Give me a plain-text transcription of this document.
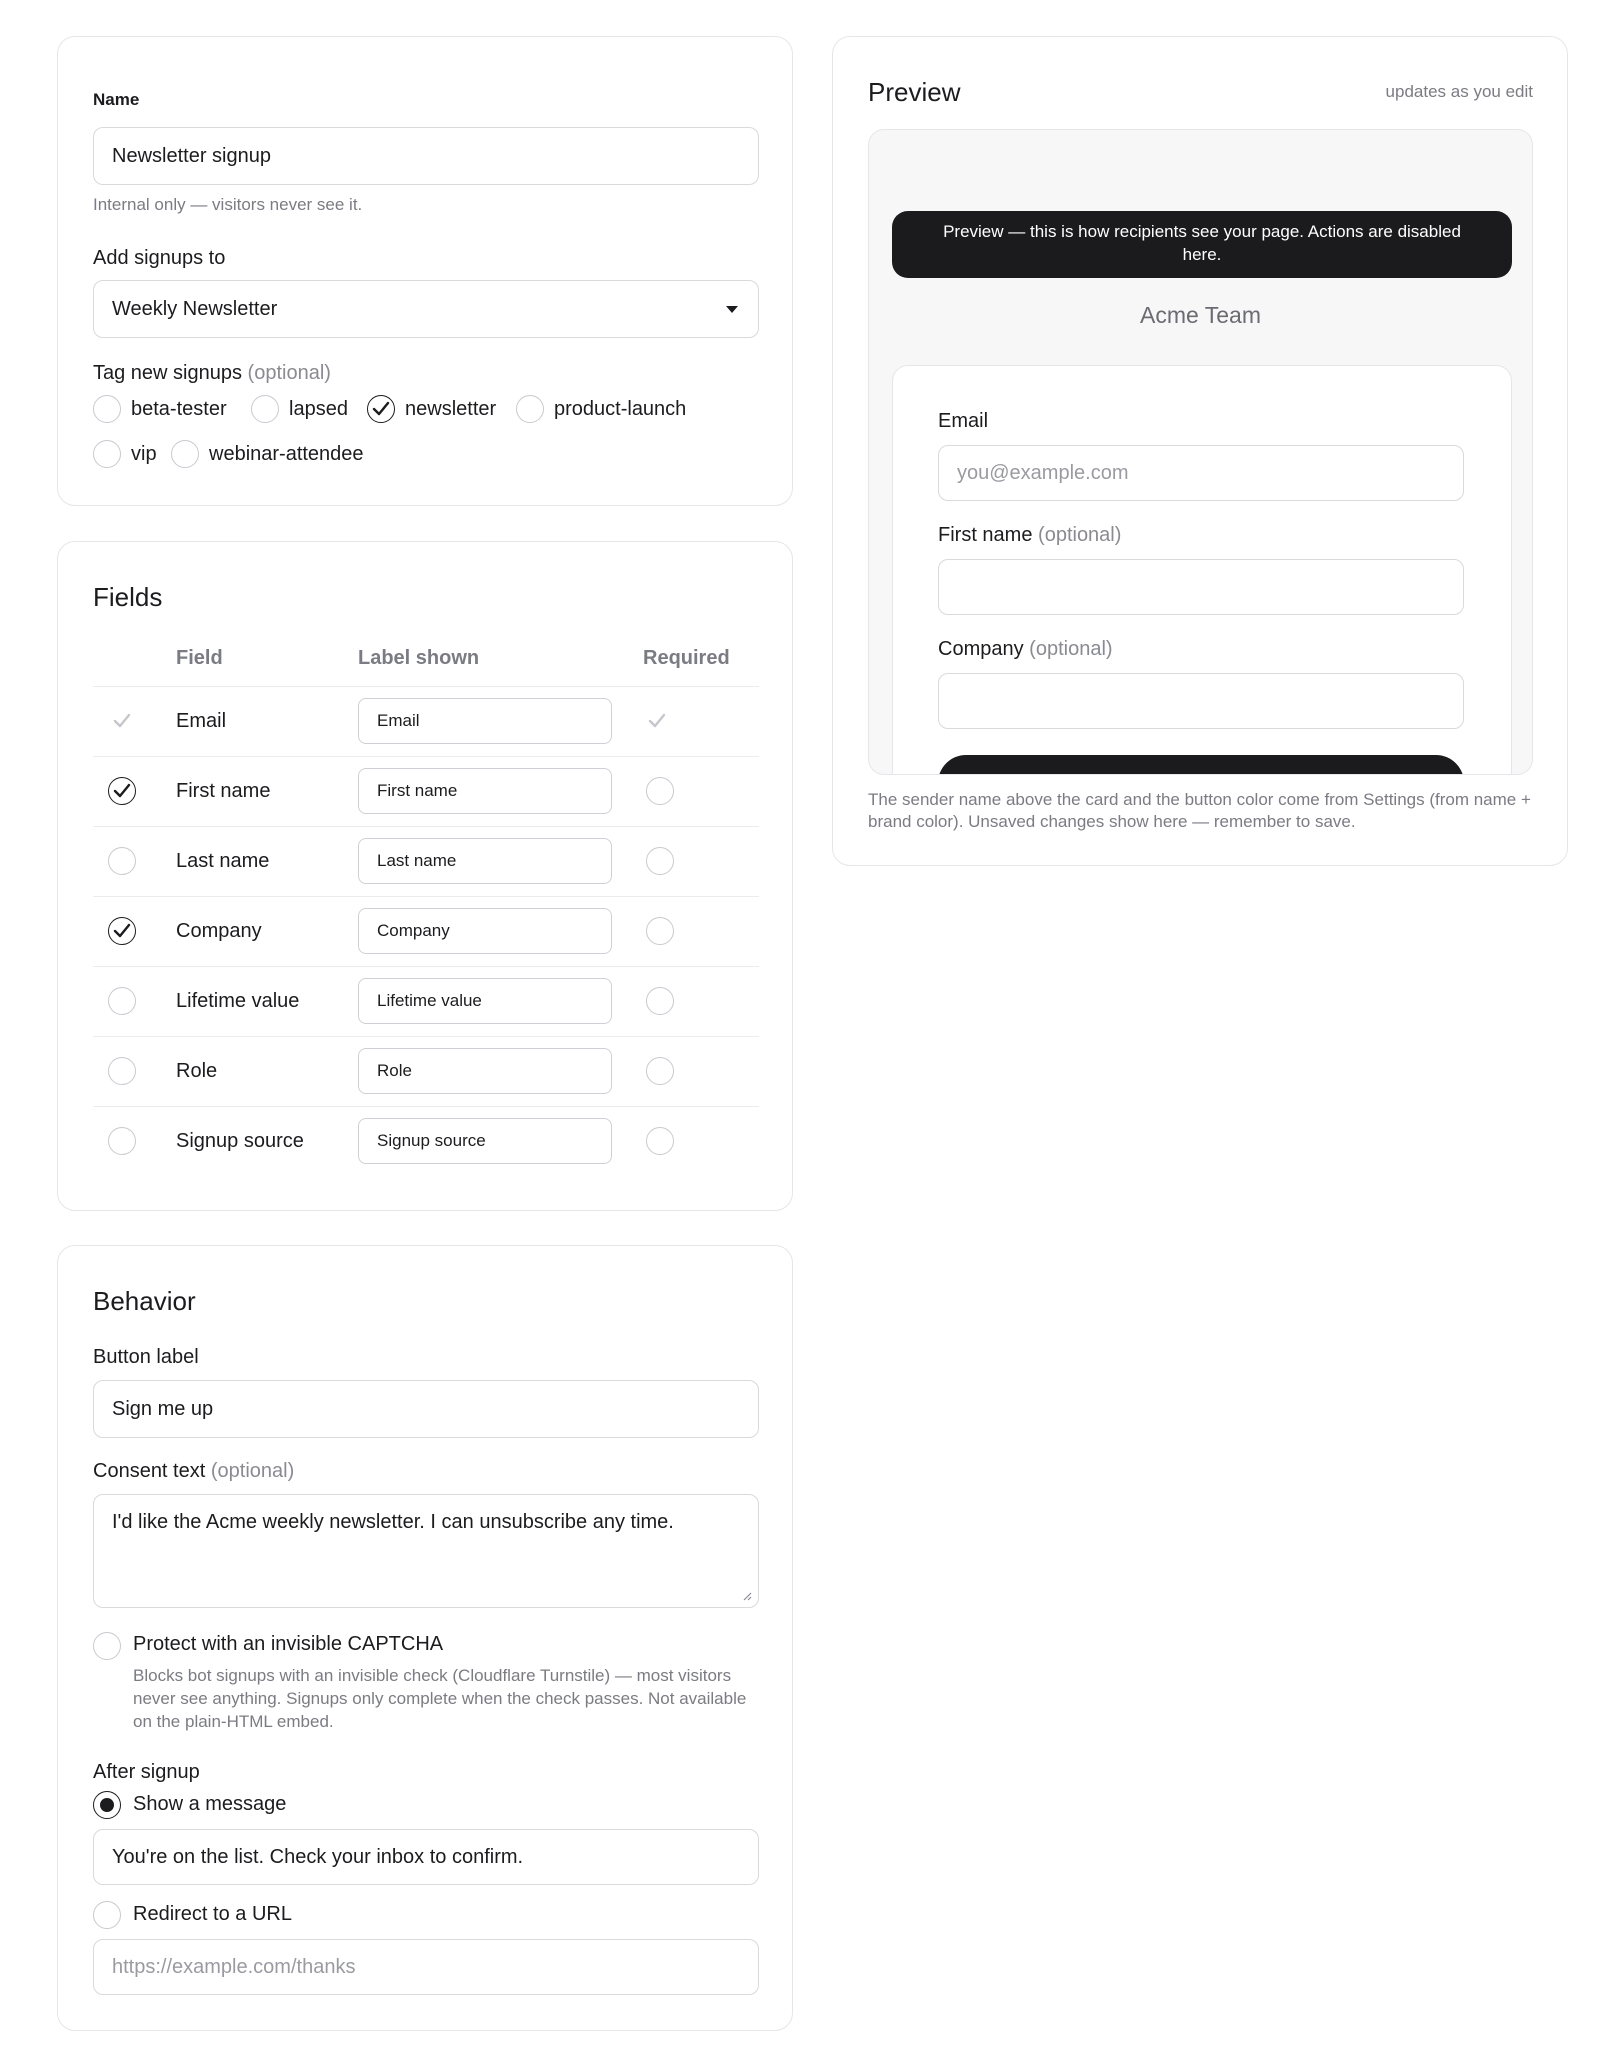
Name
Newsletter signup
Internal only — visitors never see it.
Add signups to
Weekly Newsletter
Tag new signups (optional)
beta-tester	lapsed	newsletter	product-launch
vip	webinar-attendee
Fields
Field	Label shown	Required
Email	Email
First name	First name
Last name	Last name
Company	Company
Lifetime value	Lifetime value
Role	Role
Signup source	Signup source
Behavior
Button label
Sign me up
Consent text (optional)
I'd like the Acme weekly newsletter. I can unsubscribe any time.
Protect with an invisible CAPTCHA
Blocks bot signups with an invisible check (Cloudflare Turnstile) — most visitors never see anything. Signups only complete when the check passes. Not available on the plain-HTML embed.
After signup
Show a message
You're on the list. Check your inbox to confirm.
Redirect to a URL
https://example.com/thanks
Preview	updates as you edit
Preview — this is how recipients see your page. Actions are disabled here.
Acme Team
Email
you@example.com
First name (optional)
Company (optional)
The sender name above the card and the button color come from Settings (from name + brand color). Unsaved changes show here — remember to save.
